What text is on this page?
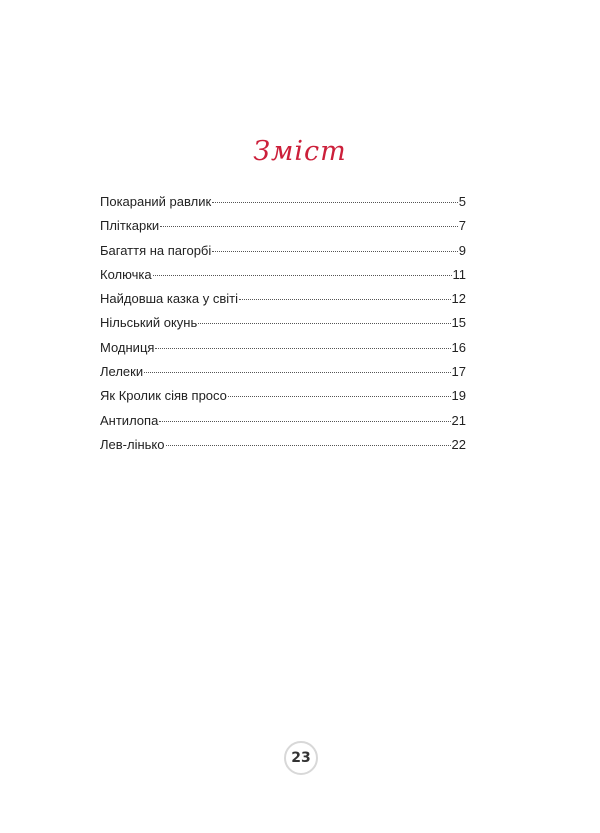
Зміст
Покараний равлик	5
Пліткарки	7
Багаття на пагорбі	9
Колючка	11
Найдовша казка у світі	12
Нільський окунь	15
Модниця	16
Лелеки	17
Як Кролик сіяв просо	19
Антилопа	21
Лев-лінько	22
23
